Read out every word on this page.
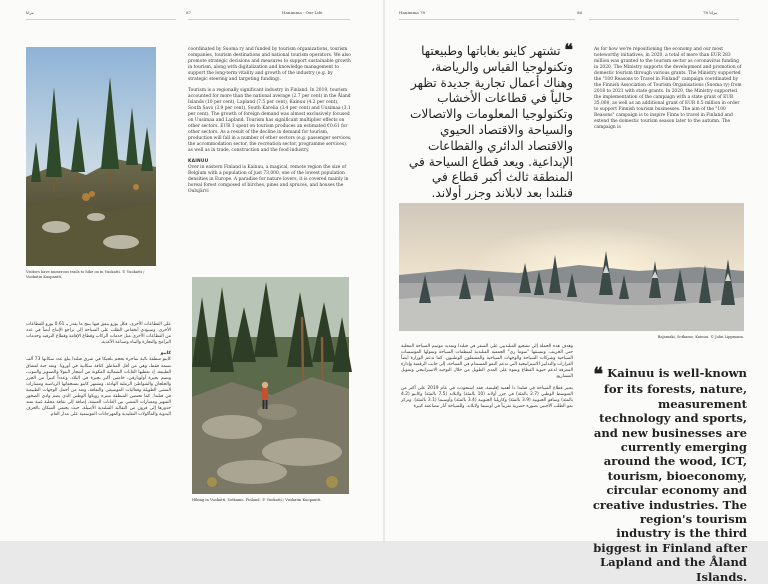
مراثا	87	Hanimma · Our Life
Visitors have numerous trails to hike on in Vuokatti. © Vuokatti / Vuokatin Kuopantti.

coordinated by Suoma ry and funded by tourism organizations, tourism companies, tourism destinations and national tourism operators. We also promote strategic decisions and measures to support sustainable growth in tourism, along with digitalization and knowledge management to support the long-term vitality and growth of the industry (e.g. by strategic steering and targeting funding).

Tourism is a regionally significant industry in Finland. In 2019, tourism accounted for more than the national average (2.7 per cent) in the Åland Islands (10 per cent), Lapland (7.5 per cent), Kainuu (4.2 per cent), South Savo (3.9 per cent), South Karelia (3.4 per cent) and Uusimaa (3.1 per cent). The growth of foreign demand was almost exclusively focused on Uusimaa and Lapland. Tourism has significant multiplier effects on other sectors. EUR 1 spent on tourism produces an estimated €0.61 for other sectors. As a result of the decline in demand for tourism, production will fall in a number of other sectors (e.g. passenger services, the accommodation sector, the recreation sector, programme services), as well as in trade, construction and the food industry.

KAINUU

Over in eastern Finland is Kainuu, a magical, remote region the size of Belgium with a population of just 73,000, one of the lowest population densities in Europe. A paradise for nature lovers, it is covered mainly in boreal forest composed of birches, pines and spruces, and houses the Oulujärvi

على القطاعات الأخرى. فكل يورو ينفق فيها ينتج ما يقدر بـ 0.61 يورو للقطاعات الأخرى. وسيؤدي انخفاض الطلب على السياحة إلى تراجع الإنتاج أيضاً في عدد من القطاعات الأخرى مثل خدمات الركاب وقطاع الإقامة وقطاع الترفيه وخدمات البرامج والتجارة والبناء وصناعة الأغذية.

كاينو

كاينو منطقة نائية ساحرة بحجم بلجيكا في شرق فنلندا يبلغ عدد سكانها 73 ألف نسمة فقط، وهي من أقل المناطق كثافة سكانية في أوروبا. وتعد جنة لعشاق الطبيعة، إذ تغطيها الغابات الشمالية المكونة من أشجار البتولا والصنوبر والتنوب، وتضم بحيرة أولويارفي، خامس أكبر بحيرة في البلاد، وعدداً كبيراً من الجزر والخلجان والشواطئ الرملية الهادئة. وتشتهر كاينو بمنتجعاتها الرياضية ومسارات المشي الطويلة وفعاليات الموسيقى والثقافة، وتعد من أجمل الوجهات الطبيعية في فنلندا. كما تحتضن المنطقة متنزه رويكوا الوطني الذي يضم وادي الصخور الشهير ومسارات المشي بين الغابات العتيقة، إضافة إلى ثقافة محلية غنية تمتد جذورها إلى قرون من التقاليد الفنلندية الأصيلة، حيث يحتفي السكان بالحرف اليدوية والمأكولات التقليدية والمهرجانات الموسمية على مدار العام.

Hiking in Vuokatti, Sotkamo, Finland. © Vuokatti / Vuokatin Kuopantti.
Hanimma 78	86	مراثا 78
❝ تشتهر كاينو بغاباتها وطبيعتها وتكنولوجيا القياس والرياضة، وهناك أعمال تجارية جديدة تظهر حالياً في قطاعات الأخشاب وتكنولوجيا المعلومات والاتصالات والسياحة والاقتصاد الحيوي والاقتصاد الدائري والقطاعات الإبداعية. ويعد قطاع السياحة في المنطقة ثالث أكبر قطاع في فنلندا بعد لابلاند وجزر أولاند.

As for how we're repositioning the economy and our most noteworthy initiatives, in 2020, a total of more than EUR 283 million was granted to the tourism sector as coronavirus funding in 2020. The Ministry supports the development and promotion of domestic tourism through various grants. The Ministry supported the "100 Reasons to Travel in Finland" campaign coordinated by the Finnish Association of Tourism Organisations (Suoma ry) from 2018 to 2021 with state grants. In 2020, the Ministry supported the implementation of the campaign with a state grant of EUR 35,000, as well as an additional grant of EUR 0.5 million in order to support Finnish tourism businesses. The aim of the "100 Reasons" campaign is to inspire Finns to travel in Finland and extend the domestic tourism season later to the autumn. The campaign is

Rajamaki, Sotkamo, Kainuu. © John Lippmann.

وهدف هذه الحملة إلى تشجيع الفنلنديين على السفر في فنلندا وتمديد موسم السياحة المحلية حتى الخريف. وتنسقها "سوما ري" الجمعية الفنلندية لمنظمات السياحة وتمولها المؤسسات السياحية وشركات السياحة والوجهات السياحية والمشغلون الوطنيون. كما تدعم الوزارة أيضاً القرارات والتدابير الاستراتيجية التي تدعم النمو المستدام في السياحة، إلى جانب الرقمنة وإدارة المعرفة لدعم حيوية القطاع ونموه على المدى الطويل من خلال التوجيه الاستراتيجي وتمويل المشاريع.

يعتبر قطاع السياحة في فنلندا ذا أهمية إقليمية. فقد استحوذت في عام 2019 على أكثر من المتوسط الوطني (2.7 بالمئة) في جزر أولاند (10 بالمئة) ولابلاند (7.5 بالمئة) وكاينو (4.2 بالمئة) وسافو الجنوبية (3.9 بالمئة) وكاريليا الجنوبية (3.4 بالمئة) وأوسيما (3.1 بالمئة). وتركز نمو الطلب الأجنبي بصورة حصرية تقريباً في أوسيما ولابلاند. وللسياحة آثار مضاعفة كبيرة

❝ Kainuu is well-known for its forests, nature, measurement technology and sports, and new businesses are currently emerging around the wood, ICT, tourism, bioeconomy, circular economy and creative industries. The region's tourism industry is the third biggest in Finland after Lapland and the Åland Islands.
